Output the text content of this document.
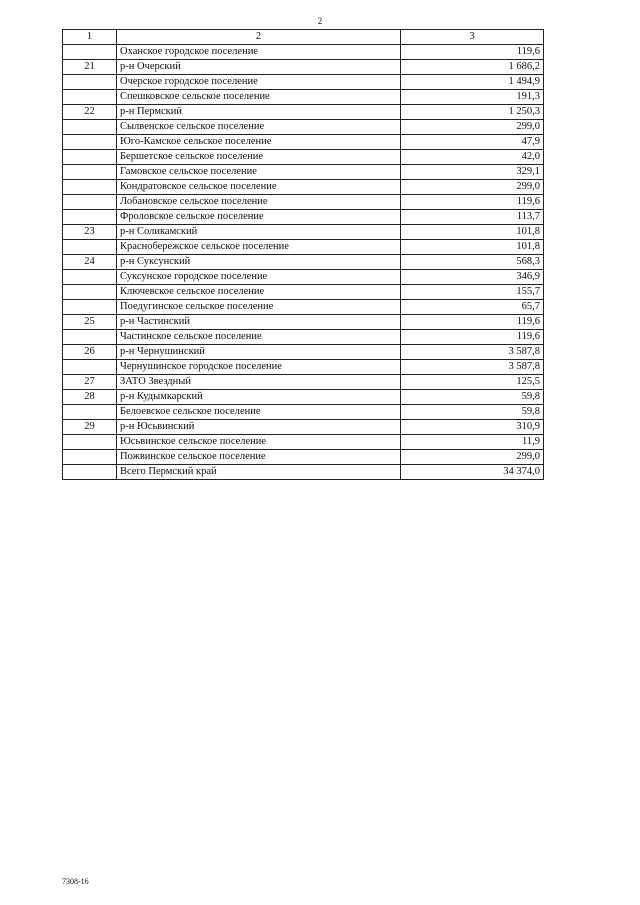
2
1	2	3
	Оханское городское поселение	119,6
21	р-н Очерский	1 686,2
	Очерское городское поселение	1 494,9
	Спешковское сельское поселение	191,3
22	р-н Пермский	1 250,3
	Сылвенское сельское поселение	299,0
	Юго-Камское сельское поселение	47,9
	Бершетское сельское поселение	42,0
	Гамовское сельское поселение	329,1
	Кондратовское сельское поселение	299,0
	Лобановское сельское поселение	119,6
	Фроловское сельское поселение	113,7
23	р-н Соликамский	101,8
	Краснобережское сельское поселение	101,8
24	р-н Суксунский	568,3
	Суксунское городское поселение	346,9
	Ключевское сельское поселение	155,7
	Поедугинское сельское поселение	65,7
25	р-н Частинский	119,6
	Частинское сельское поселение	119,6
26	р-н Чернушинский	3 587,8
	Чернушинское городское поселение	3 587,8
27	ЗАТО Звездный	125,5
28	р-н Кудымкарский	59,8
	Белоевское сельское поселение	59,8
29	р-н Юсьвинский	310,9
	Юсьвинское сельское поселение	11,9
	Пожвинское сельское поселение	299,0
	Всего Пермский край	34 374,0
7308-16
